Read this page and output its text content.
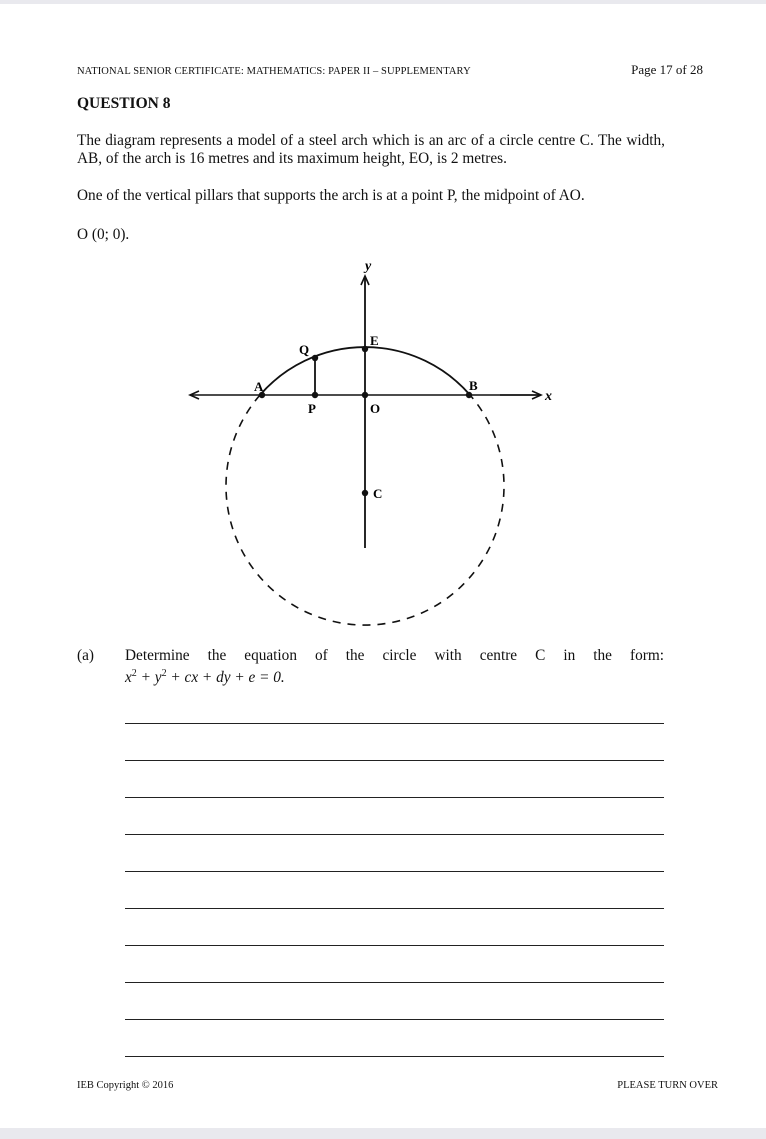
NATIONAL SENIOR CERTIFICATE: MATHEMATICS: PAPER II – SUPPLEMENTARY	Page 17 of 28
QUESTION 8
The diagram represents a model of a steel arch which is an arc of a circle centre C. The width, AB, of the arch is 16 metres and its maximum height, EO, is 2 metres.
One of the vertical pillars that supports the arch is at a point P, the midpoint of AO.
O (0; 0).
y
x
A	B
E
O
P
Q
C
(a) Determine the equation of the circle with centre C in the form:
$x^2 + y^2$ + cx + dy + e = 0.
IEB Copyright © 2016	PLEASE TURN OVER
